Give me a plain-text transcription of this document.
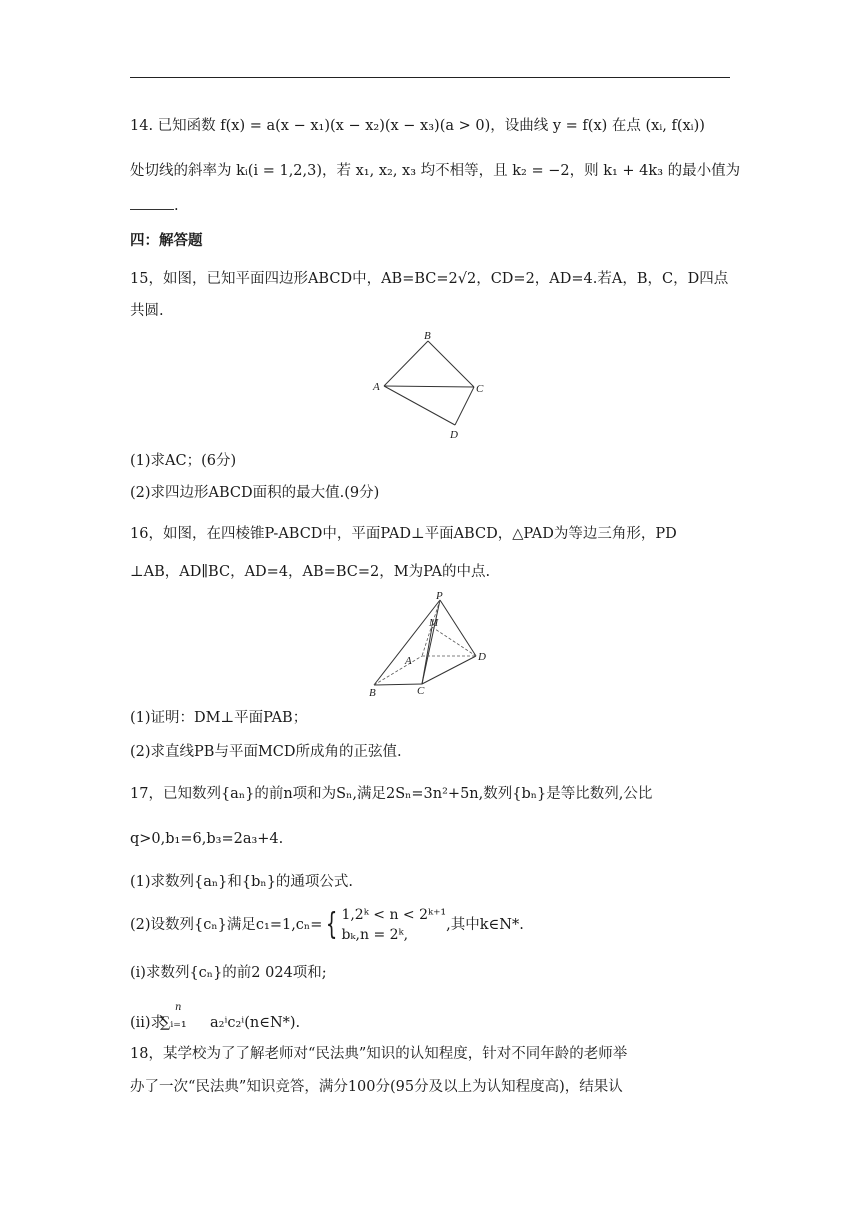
14. 已知函数 f(x) = a(x − x₁)(x − x₂)(x − x₃)(a > 0)，设曲线 y = f(x) 在点 (xᵢ, f(xᵢ))
处切线的斜率为 kᵢ(i = 1,2,3)，若 x₁, x₂, x₃ 均不相等，且 k₂ = −2，则 k₁ + 4k₃ 的最小值为
.
四：解答题
15，如图，已知平面四边形ABCD中，AB=BC=2√2，CD=2，AD=4.若A，B，C，D四点
共圆.
B
A	C
D
(1)求AC；(6分)
(2)求四边形ABCD面积的最大值.(9分)
16，如图，在四棱锥P-ABCD中，平面PAD⊥平面ABCD，△PAD为等边三角形，PD
⊥AB，AD∥BC，AD=4，AB=BC=2，M为PA的中点.
P
M
A	D
B	C
(1)证明：DM⊥平面PAB；
(2)求直线PB与平面MCD所成角的正弦值.
17，已知数列{aₙ}的前n项和为Sₙ,满足2Sₙ=3n²+5n,数列{bₙ}是等比数列,公比
q>0,b₁=6,b₃=2a₃+4.
(1)求数列{aₙ}和{bₙ}的通项公式.
(2)设数列{cₙ}满足c₁=1,cₙ= { 1,2ᵏ < n < 2ᵏ⁺¹
bₖ,n = 2ᵏ,
,其中k∈N*.
(i)求数列{cₙ}的前2 024项和;
n
(ii)求
∑ᵢ₌₁ a₂ⁱc₂ⁱ(n∈N*).
18，某学校为了了解老师对“民法典”知识的认知程度，针对不同年龄的老师举
办了一次“民法典”知识竞答，满分100分(95分及以上为认知程度高)，结果认
